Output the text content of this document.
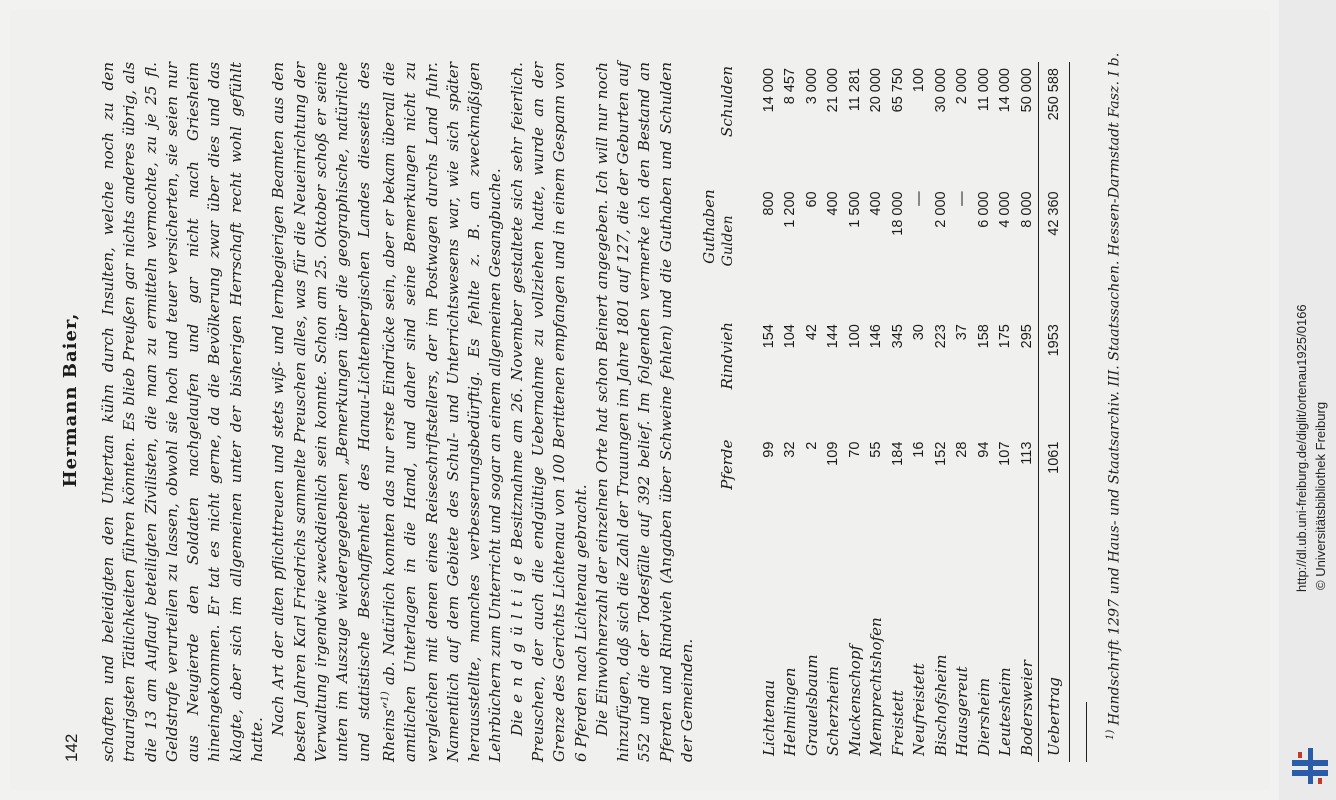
142
Hermann Baier, schaften und beleidigten den Untertan kühn durch Insulten, welche noch zu den traurigsten Tätlichkeiten führen könnten. Es blieb Preußen gar nichts anderes übrig, als die 13 am Auflauf beteiligten Zivilisten, die man zu ermitteln vermochte, zu je 25 fl. Geldstrafe verurteilen zu lassen, obwohl sie hoch und teuer versicherten, sie seien nur aus Neugierde den Soldaten nachgelaufen und gar nicht nach Griesheim hineingekommen. Er tat es nicht gerne, da die Bevölkerung zwar über dies und das klagte, aber sich im allgemeinen unter der bisherigen Herrschaft recht wohl gefühlt hatte.

Nach Art der alten pflichttreuen und stets wiß- und lernbegierigen Beamten aus den besten Jahren Karl Friedrichs sammelte Preuschen alles, was für die Neueinrichtung der Verwaltung irgendwie zweckdienlich sein konnte. Schon am 25. Oktober schoß er seine unten im Auszuge wiedergegebenen „Bemerkungen über die geographische, natürliche und statistische Beschaffenheit des Hanau-Lichtenbergischen Landes diesseits des Rheins“$^{1)}$ ab. Natürlich konnten das nur erste Eindrücke sein, aber er bekam überall die amtlichen Unterlagen in die Hand, und daher sind seine Bemerkungen nicht zu vergleichen mit denen eines Reiseschriftstellers, der im Postwagen durchs Land fuhr. Namentlich auf dem Gebiete des Schul- und Unterrichtswesens war, wie sich später herausstellte, manches verbesserungsbedürftig. Es fehlte z. B. an zweckmäßigen Lehrbüchern zum Unterricht und sogar an einem allgemeinen Gesangbuche. Die e n d g ü l t i g e Besitznahme am 26. November gestaltete sich sehr feierlich. Preuschen, der auch die endgültige Uebernahme zu vollziehen hatte, wurde an der Grenze des Gerichts Lichtenau von 100 Berittenen empfangen und in einem Gespann von 6 Pferden nach Lichtenau gebracht. Die Einwohnerzahl der einzelnen Orte hat schon Beinert angegeben. Ich will nur noch hinzufügen, daß sich die Zahl der Trauungen im Jahre 1801 auf 127, die der Geburten auf 552 und die der Todesfälle auf 392 belief. Im folgenden vermerke ich den Bestand an Pferden und Rindvieh (Angaben über Schweine fehlen) und die Guthaben und Schulden der Gemeinden.

	Pferde	Rindvieh	Guthaben Gulden	Schulden
Lichtenau	99	154	800	14 000
Helmlingen	32	104	1 200	8 457
Grauelsbaum	2	42	60	3 000
Scherzheim	109	144	400	21 000
Muckenschopf	70	100	1 500	11 281
Memprechtshofen	55	146	400	20 000
Freistett	184	345	18 000	65 750
Neufreistett	16	30	—	100
Bischofsheim	152	223	2 000	30 000
Hausgereut	28	37	—	2 000
Diersheim	94	158	6 000	11 000
Leutesheim	107	175	4 000	14 000
Bodersweier	113	295	8 000	50 000
Uebertrag	1061	1953	42 360	250 588
$^{1)}$ Handschrift 1297 und Haus- und Staatsarchiv. III. Staatssachen. Hessen-Darmstadt Fasz. I b.	http://dl.ub.uni-freiburg.de/diglit/ortenau1925/0166 © Universitätsbibliothek Freiburg
